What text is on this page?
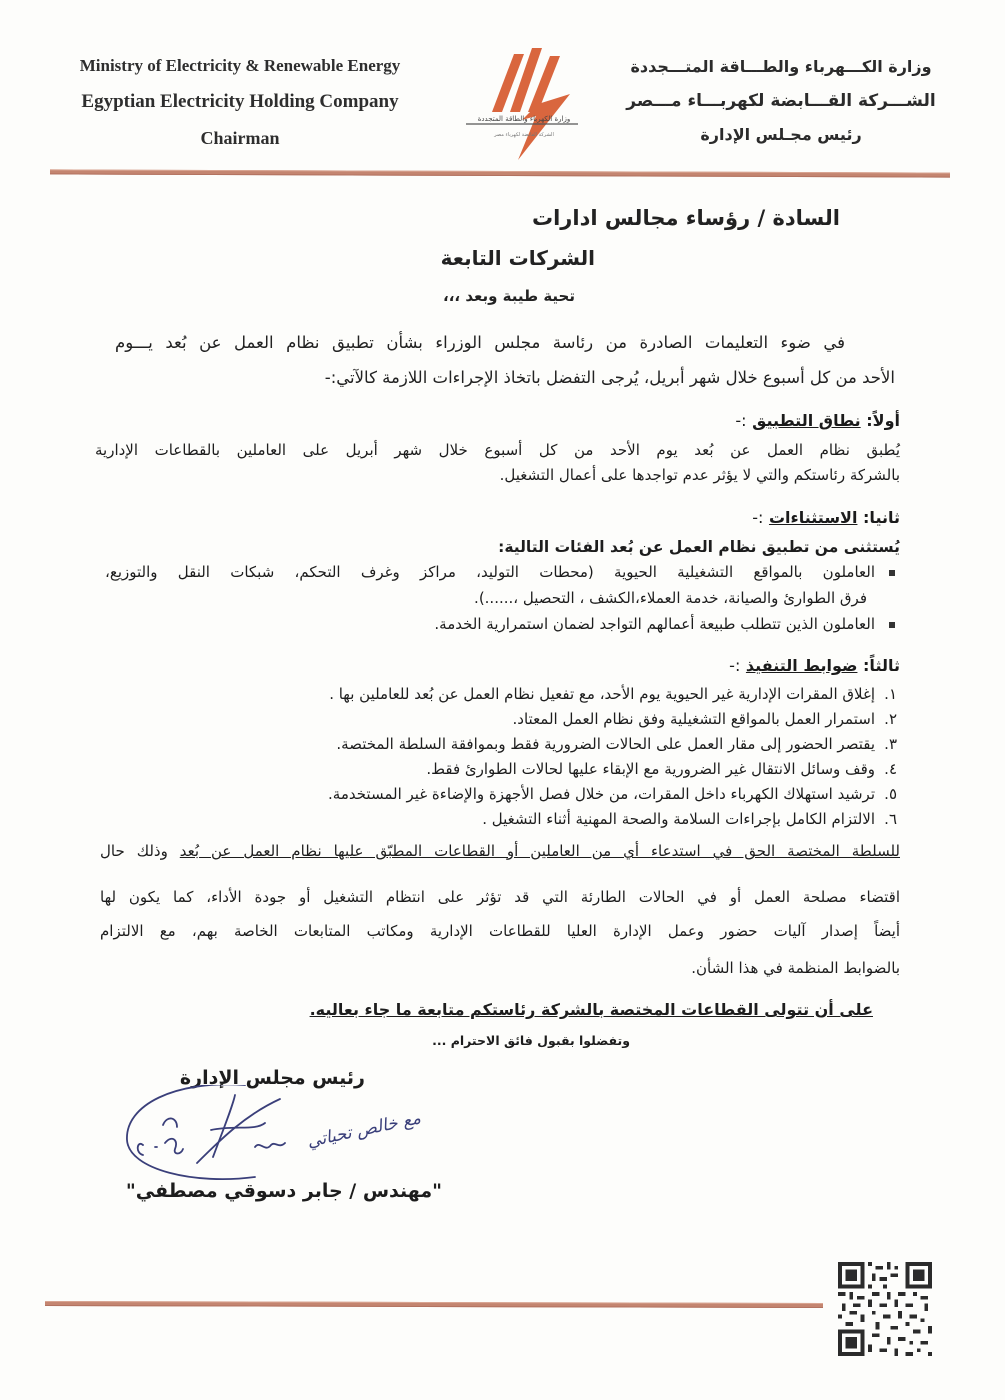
Ministry of Electricity & Renewable Energy
Egyptian Electricity Holding Company
Chairman
وزارة الكهرباء والطاقة المتجددة
الشركة القابضة لكهرباء مصر
وزارة الكـــهرباء والطـــاقة المتـــجددة
الشـــركة القـــابضة لكهربـــاء مـــصر
رئيس مجـلس الإدارة
السادة / رؤساء مجالس ادارات
الشركات التابعة
تحية طيبة وبعد ،،،
في ضوء التعليمات الصادرة من رئاسة مجلس الوزراء بشأن تطبيق نظام العمل عن بُعد يـــوم
الأحد من كل أسبوع خلال شهر أبريل، يُرجى التفضل باتخاذ الإجراءات اللازمة كالآتي:-
أولاً: نطاق التطبيق :-
يُطبق نظام العمل عن بُعد يوم الأحد من كل أسبوع خلال شهر أبريل على العاملين بالقطاعات الإدارية
بالشركة رئاستكم والتي لا يؤثر عدم تواجدها على أعمال التشغيل.
ثانيا: الاستثناءات :-
يُستثنى من تطبيق نظام العمل عن بُعد الفئات التالية:
العاملون بالمواقع التشغيلية الحيوية (محطات التوليد، مراكز وغرف التحكم، شبكات النقل والتوزيع،
فرق الطوارئ والصيانة، خدمة العملاء،الكشف ، التحصيل ،......).
العاملون الذين تتطلب طبيعة أعمالهم التواجد لضمان استمرارية الخدمة.
ثالثاً: ضوابط التنفيذ :-
١.إغلاق المقرات الإدارية غير الحيوية يوم الأحد، مع تفعيل نظام العمل عن بُعد للعاملين بها .
٢.استمرار العمل بالمواقع التشغيلية وفق نظام العمل المعتاد.
٣.يقتصر الحضور إلى مقار العمل على الحالات الضرورية فقط وبموافقة السلطة المختصة.
٤.وقف وسائل الانتقال غير الضرورية مع الإبقاء عليها لحالات الطوارئ فقط.
٥.ترشيد استهلاك الكهرباء داخل المقرات، من خلال فصل الأجهزة والإضاءة غير المستخدمة.
٦.الالتزام الكامل بإجراءات السلامة والصحة المهنية أثناء التشغيل .
للسلطة المختصة الحق في استدعاء أي من العاملين أو القطاعات المطبّق عليها نظام العمل عن بُعد وذلك حال
اقتضاء مصلحة العمل أو في الحالات الطارئة التي قد تؤثر على انتظام التشغيل أو جودة الأداء، كما يكون لها
أيضاً إصدار آليات حضور وعمل الإدارة العليا للقطاعات الإدارية ومكاتب المتابعات الخاصة بهم، مع الالتزام
بالضوابط المنظمة في هذا الشأن.
على أن تتولى القطاعات المختصة بالشركة رئاستكم متابعة ما جاء بعاليه.
وتفضلوا بقبول فائق الاحترام ...
رئيس مجلس الإدارة
مع خالص تحياتي
"مهندس / جابر دسوقي مصطفي"
